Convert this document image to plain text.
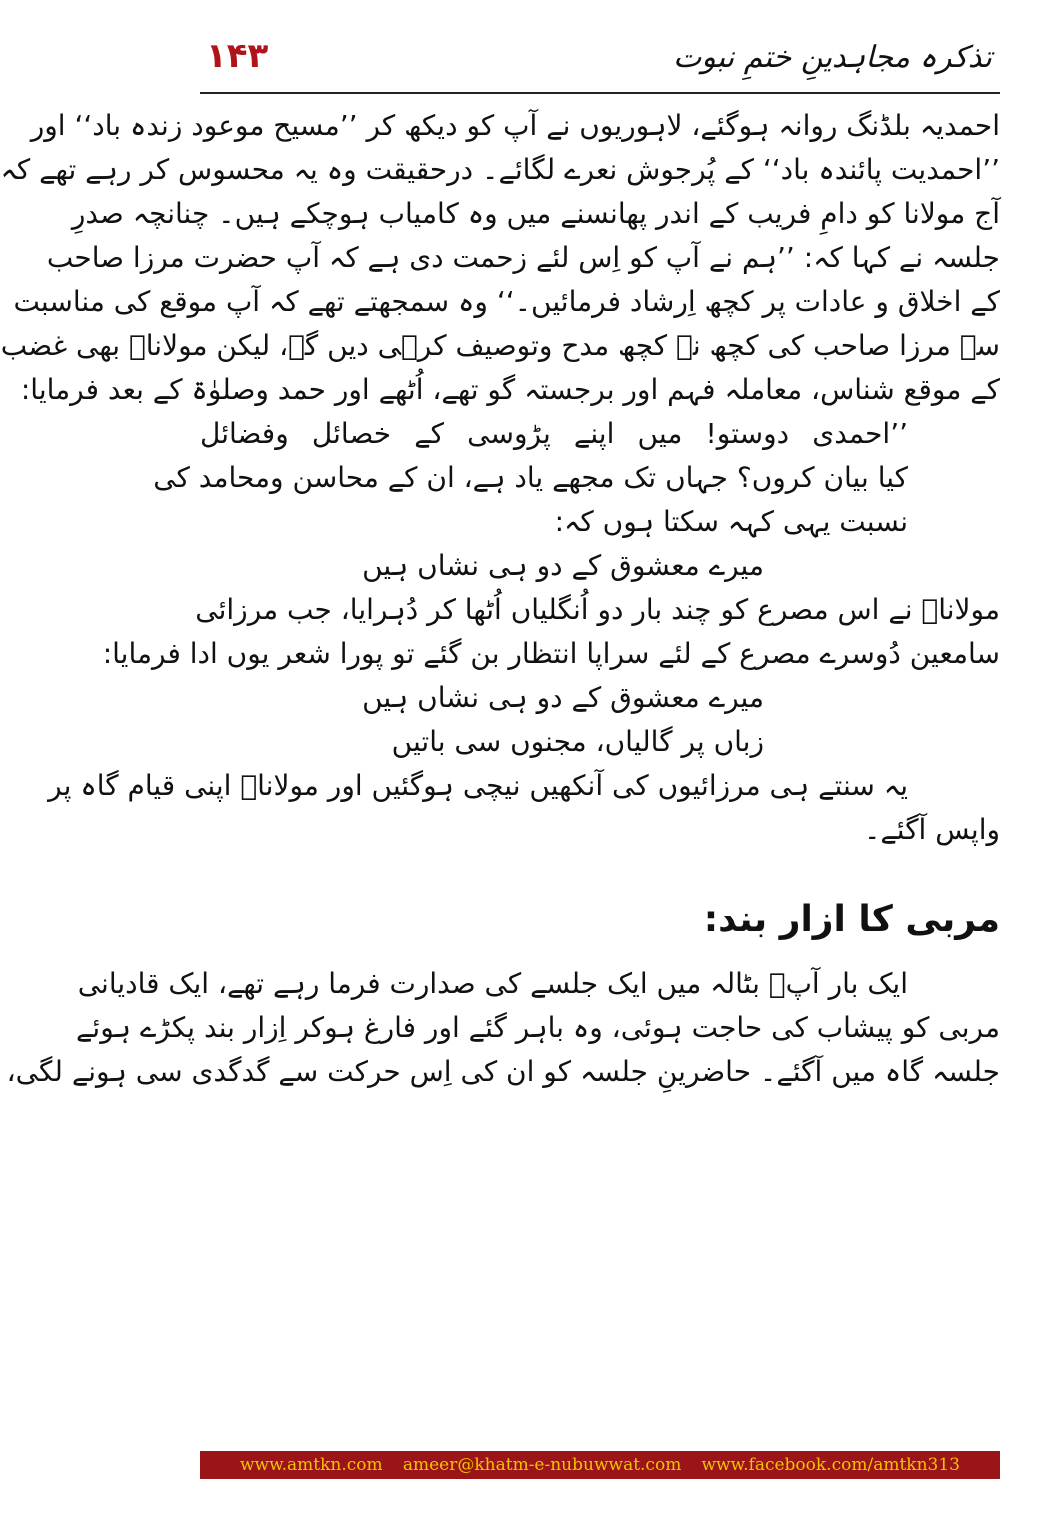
تذکرہ مجاہدینِ ختمِ نبوت
۱۴۳
احمدیہ بلڈنگ روانہ ہوگئے، لاہوریوں نے آپ کو دیکھ کر ’’مسیح موعود زندہ باد‘‘ اور
’’احمدیت پائندہ باد‘‘ کے پُرجوش نعرے لگائے۔ درحقیقت وہ یہ محسوس کر رہے تھے کہ
آج مولانا کو دامِ فریب کے اندر پھانسنے میں وہ کامیاب ہوچکے ہیں۔ چنانچہ صدرِ
جلسہ نے کہا کہ: ’’ہم نے آپ کو اِس لئے زحمت دی ہے کہ آپ حضرت مرزا صاحب
کے اخلاق و عادات پر کچھ اِرشاد فرمائیں۔‘‘ وہ سمجھتے تھے کہ آپ موقع کی مناسبت
سے مرزا صاحب کی کچھ نہ کچھ مدح وتوصیف کرہی دیں گے، لیکن مولاناؒ بھی غضب
کے موقع شناس، معاملہ فہم اور برجستہ گو تھے، اُٹھے اور حمد وصلوٰۃ کے بعد فرمایا:
’’احمدی دوستو! میں اپنے پڑوسی کے خصائل وفضائل
کیا بیان کروں؟ جہاں تک مجھے یاد ہے، ان کے محاسن ومحامد کی
نسبت یہی کہہ سکتا ہوں کہ:
میرے معشوق کے دو ہی نشاں ہیں
مولاناؒ نے اس مصرع کو چند بار دو اُنگلیاں اُٹھا کر دُہرایا، جب مرزائی
سامعین دُوسرے مصرع کے لئے سراپا انتظار بن گئے تو پورا شعر یوں ادا فرمایا:
میرے معشوق کے دو ہی نشاں ہیں
زباں پر گالیاں، مجنوں سی باتیں
یہ سنتے ہی مرزائیوں کی آنکھیں نیچی ہوگئیں اور مولاناؒ اپنی قیام گاہ پر
واپس آگئے۔
مربی کا ازار بند:
ایک بار آپؒ بٹالہ میں ایک جلسے کی صدارت فرما رہے تھے، ایک قادیانی
مربی کو پیشاب کی حاجت ہوئی، وہ باہر گئے اور فارغ ہوکر اِزار بند پکڑے ہوئے
جلسہ گاہ میں آگئے۔ حاضرینِ جلسہ کو ان کی اِس حرکت سے گدگدی سی ہونے لگی،
www.amtkn.com ameer@khatm-e-nubuwwat.com www.facebook.com/amtkn313
